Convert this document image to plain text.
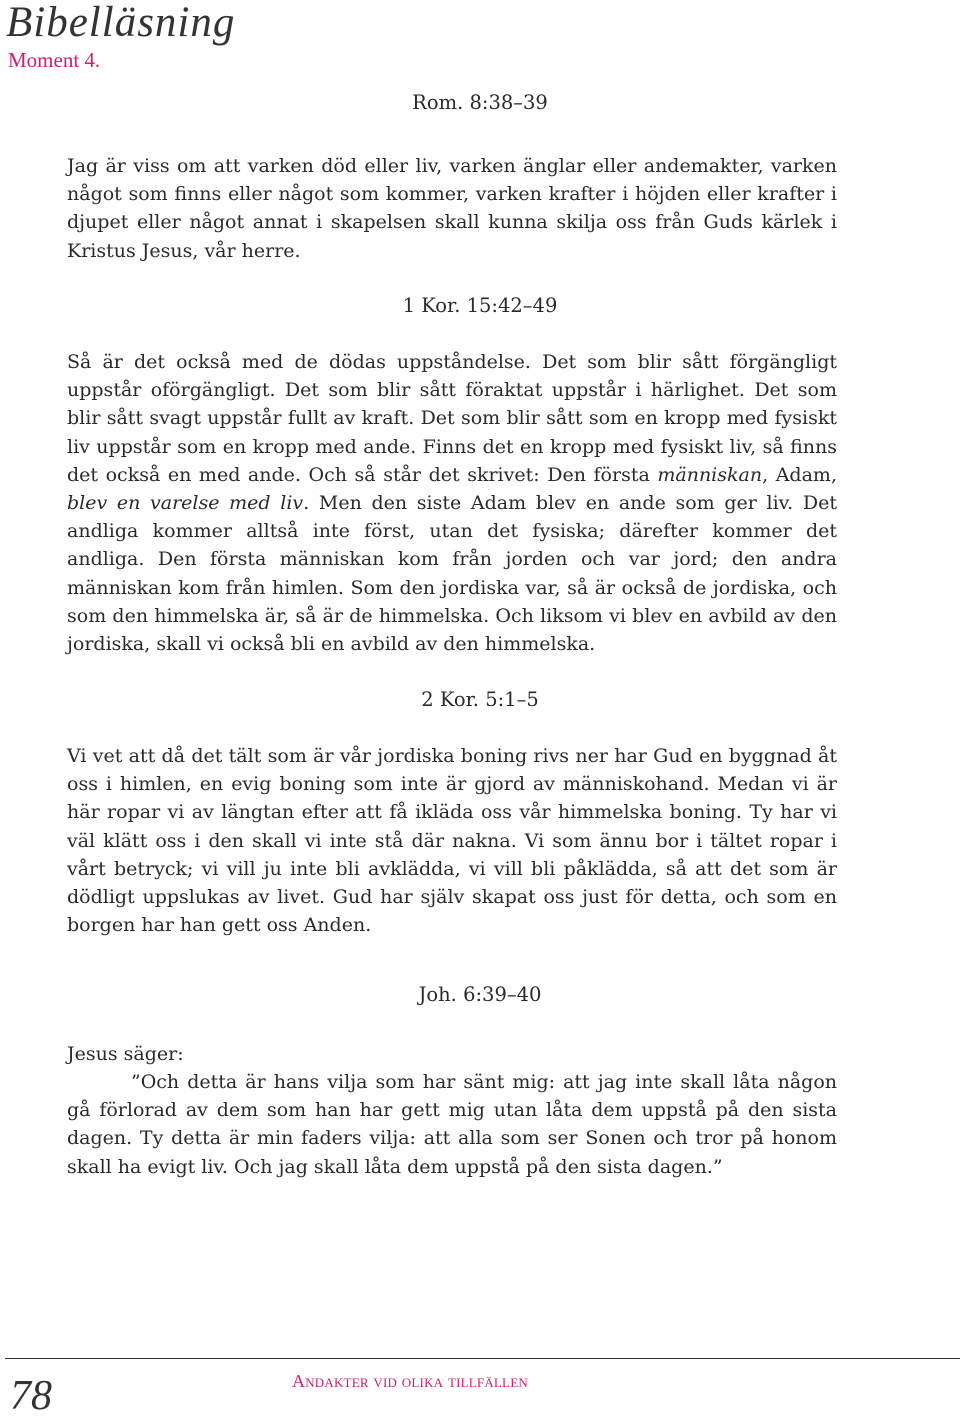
Bibelläsning
Moment 4.
Rom. 8:38–39

Jag är viss om att varken död eller liv, varken änglar eller andemakter, varken något som finns eller något som kommer, varken krafter i höjden eller krafter i djupet eller något annat i skapelsen skall kunna skilja oss från Guds kärlek i Kristus Jesus, vår herre.

1 Kor. 15:42–49

Så är det också med de dödas uppståndelse. Det som blir sått förgängligt uppstår oförgängligt. Det som blir sått föraktat uppstår i härlighet. Det som blir sått svagt uppstår fullt av kraft. Det som blir sått som en kropp med fysiskt liv uppstår som en kropp med ande. Finns det en kropp med fysiskt liv, så finns det också en med ande. Och så står det skrivet: Den första människan, Adam, blev en varelse med liv. Men den siste Adam blev en ande som ger liv. Det andliga kommer alltså inte först, utan det fysiska; därefter kommer det andliga. Den första människan kom från jorden och var jord; den andra människan kom från himlen. Som den jordiska var, så är också de jordiska, och som den himmelska är, så är de himmelska. Och liksom vi blev en avbild av den jordiska, skall vi också bli en avbild av den himmelska.

2 Kor. 5:1–5

Vi vet att då det tält som är vår jordiska boning rivs ner har Gud en byggnad åt oss i himlen, en evig boning som inte är gjord av människohand. Medan vi är här ropar vi av längtan efter att få ikläda oss vår himmelska boning. Ty har vi väl klätt oss i den skall vi inte stå där nakna. Vi som ännu bor i tältet ropar i vårt betryck; vi vill ju inte bli avklädda, vi vill bli påklädda, så att det som är dödligt uppslukas av livet. Gud har själv skapat oss just för detta, och som en borgen har han gett oss Anden.

Joh. 6:39–40

Jesus säger:

”Och detta är hans vilja som har sänt mig: att jag inte skall låta någon gå förlorad av dem som han har gett mig utan låta dem uppstå på den sista dagen. Ty detta är min faders vilja: att alla som ser Sonen och tror på honom skall ha evigt liv. Och jag skall låta dem uppstå på den sista dagen.”

78	Andakter vid olika tillfällen
